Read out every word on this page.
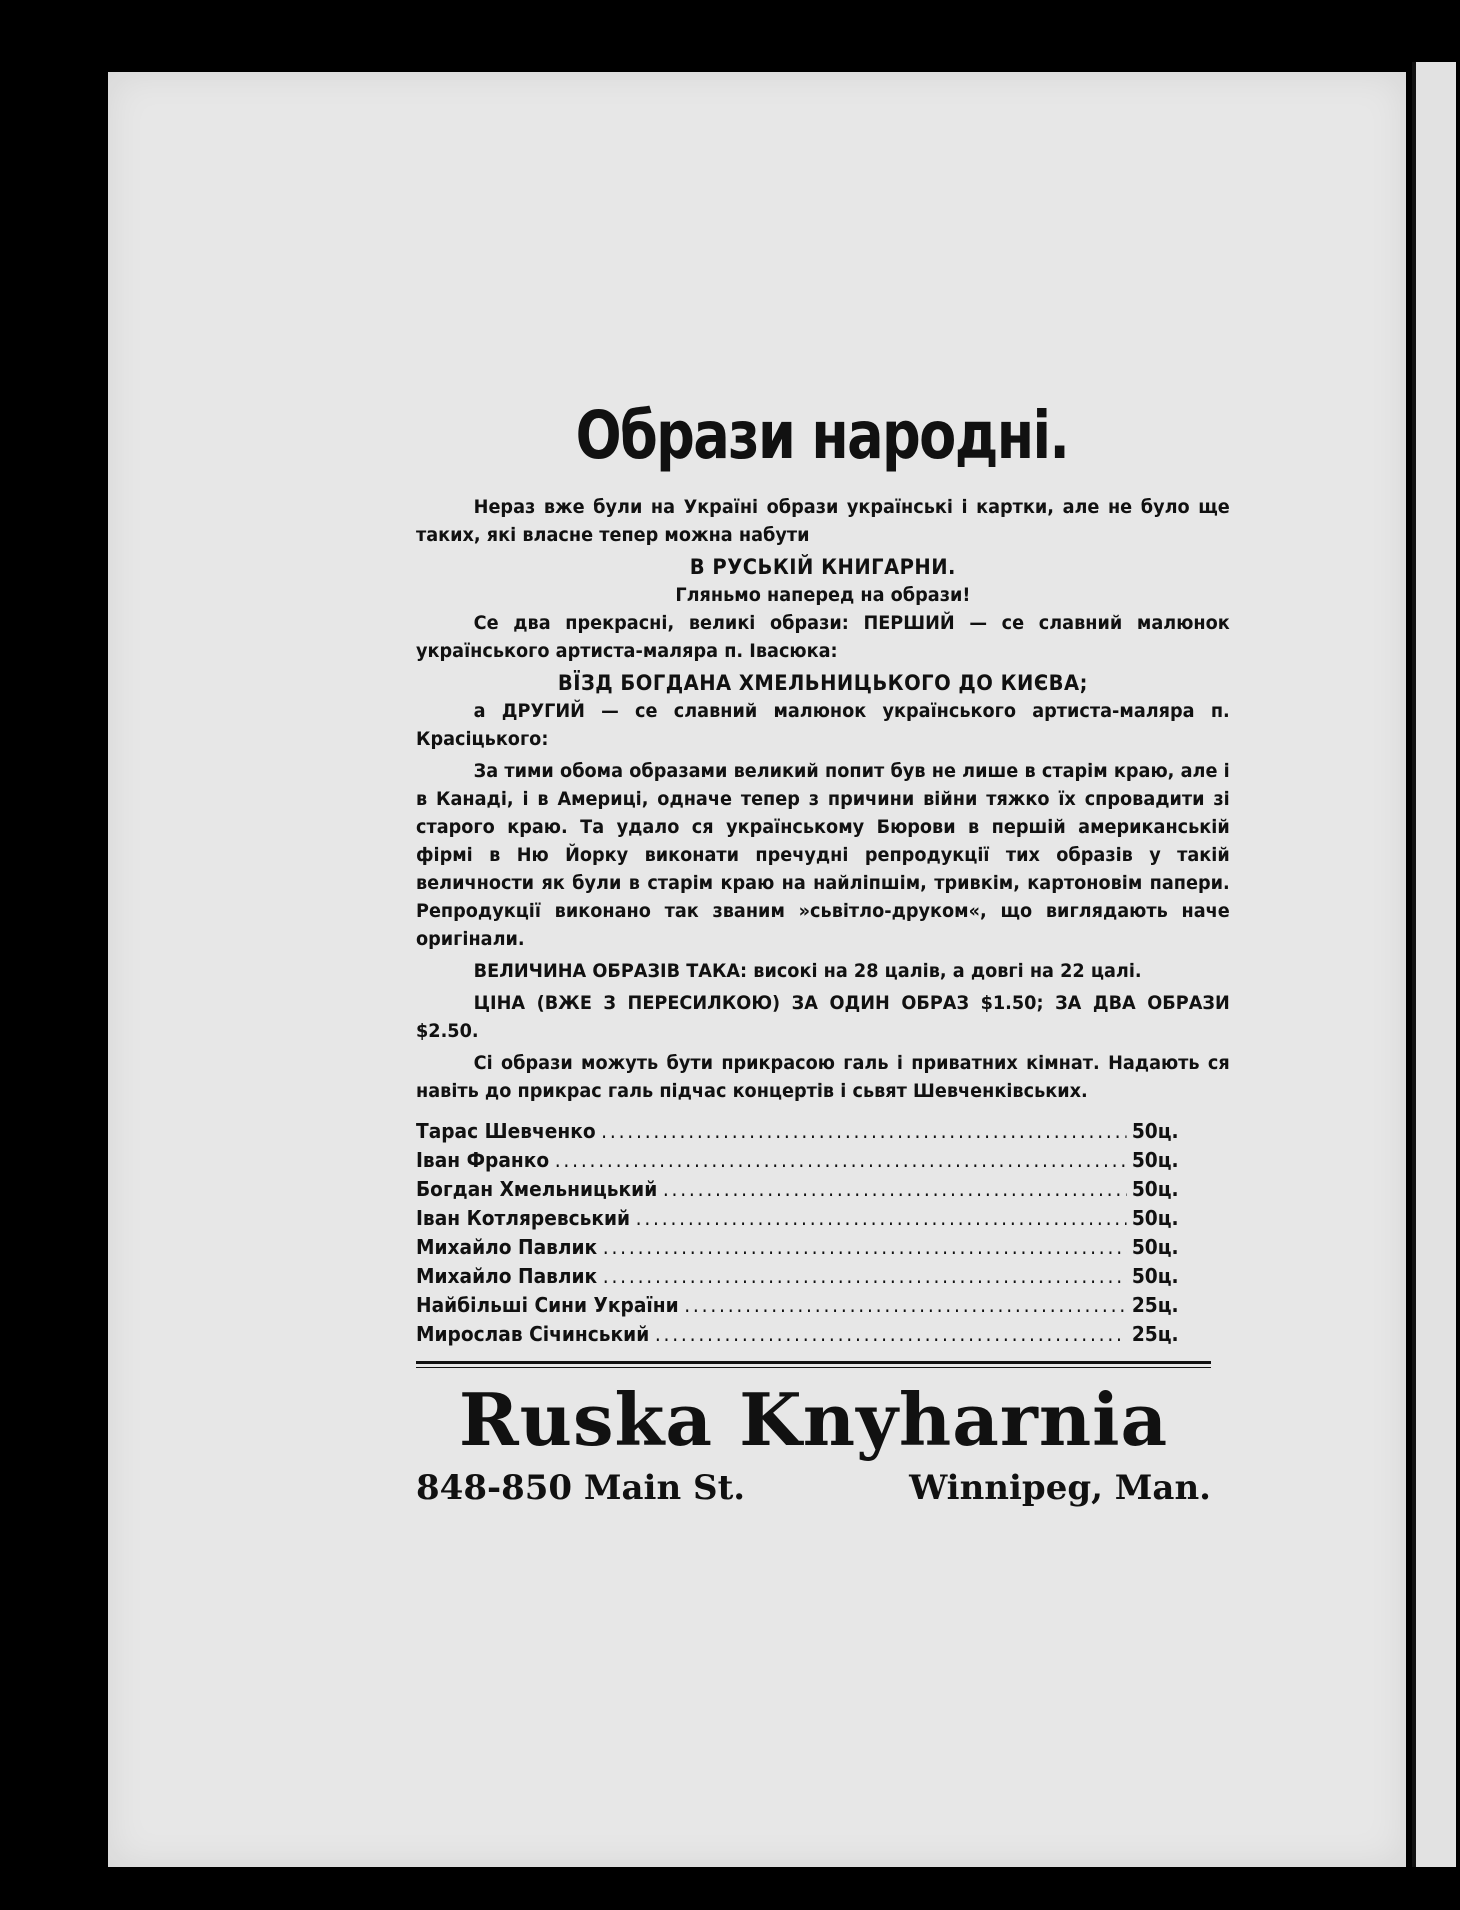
Образи народні.

Нераз вже були на Україні образи українські і картки, але не було ще таких, які власне тепер можна набути

В РУСЬКІЙ КНИГАРНИ.

Гляньмо наперед на образи!

Се два прекрасні, великі образи: ПЕРШИЙ — се славний малюнок українського артиста-маляра п. Івасюка:

ВЇЗД БОГДАНА ХМЕЛЬНИЦЬКОГО ДО КИЄВА;

а ДРУГИЙ — се славний малюнок українського артиста-маляра п. Красіцького:

За тими обома образами великий попит був не лише в старім краю, але і в Канаді, і в Америці, одначе тепер з причини війни тяжко їх спровадити зі старого краю. Та удало ся українському Бюрови в першій американській фірмі в Ню Йорку виконати пречудні репродукції тих образів у такій величности як були в старім краю на найліпшім, тривкім, картоновім папери. Репродукції виконано так званим »сьвітло-друком«, що виглядають наче оригінали.

ВЕЛИЧИНА ОБРАЗІВ ТАКА: високі на 28 цалів, а довгі на 22 цалі.

ЦІНА (ВЖЕ З ПЕРЕСИЛКОЮ) ЗА ОДИН ОБРАЗ $1.50; ЗА ДВА ОБРАЗИ $2.50.

Сі образи можуть бути прикрасою галь і приватних кімнат. Надають ся навіть до прикрас галь підчас концертів і сьвят Шевченківських.

Тарас Шевченко .....	50ц.
Іван Франко .....	50ц.
Богдан Хмельницький .....	50ц.
Іван Котляревський .....	50ц.
Михайло Павлик .....	50ц.
Михайло Павлик .....	50ц.
Найбільші Сини України .....	25ц.
Мирослав Січинський .....	25ц.
Ruska Knyharnia
848-850 Main St.	Winnipeg, Man.
